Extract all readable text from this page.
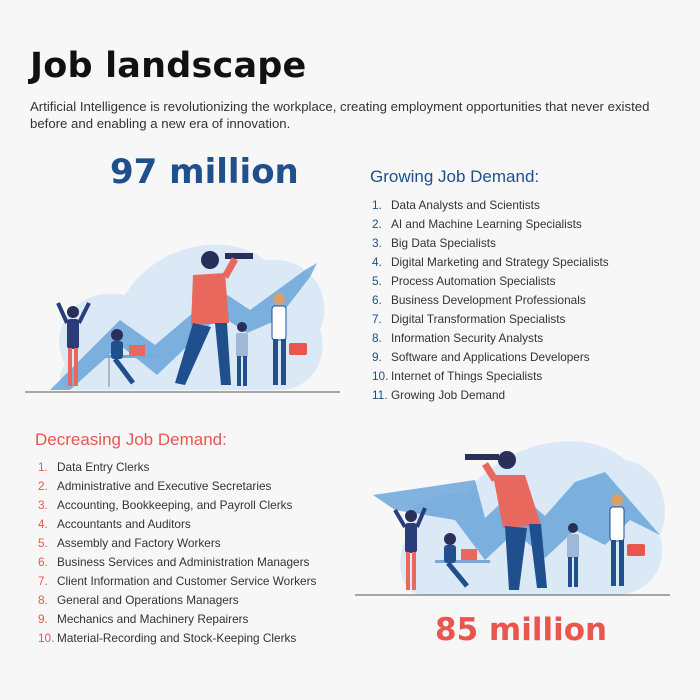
Job landscape
Artificial Intelligence is revolutionizing the workplace, creating employment opportunities that never existed before and enabling a new era of innovation.
97 million	Growing Job Demand:
1. Data Analysts and Scientists
2. AI and Machine Learning Specialists
3. Big Data Specialists
4. Digital Marketing and Strategy Specialists
5. Process Automation Specialists
6. Business Development Professionals
7. Digital Transformation Specialists
8. Information Security Analysts
9. Software and Applications Developers
10. Internet of Things Specialists
11. Growing Job Demand
Decreasing Job Demand:
1. Data Entry Clerks
2. Administrative and Executive Secretaries
3. Accounting, Bookkeeping, and Payroll Clerks
4. Accountants and Auditors
5. Assembly and Factory Workers
6. Business Services and Administration Managers
7. Client Information and Customer Service Workers
8. General and Operations Managers
9. Mechanics and Machinery Repairers
10. Material-Recording and Stock-Keeping Clerks	85 million
